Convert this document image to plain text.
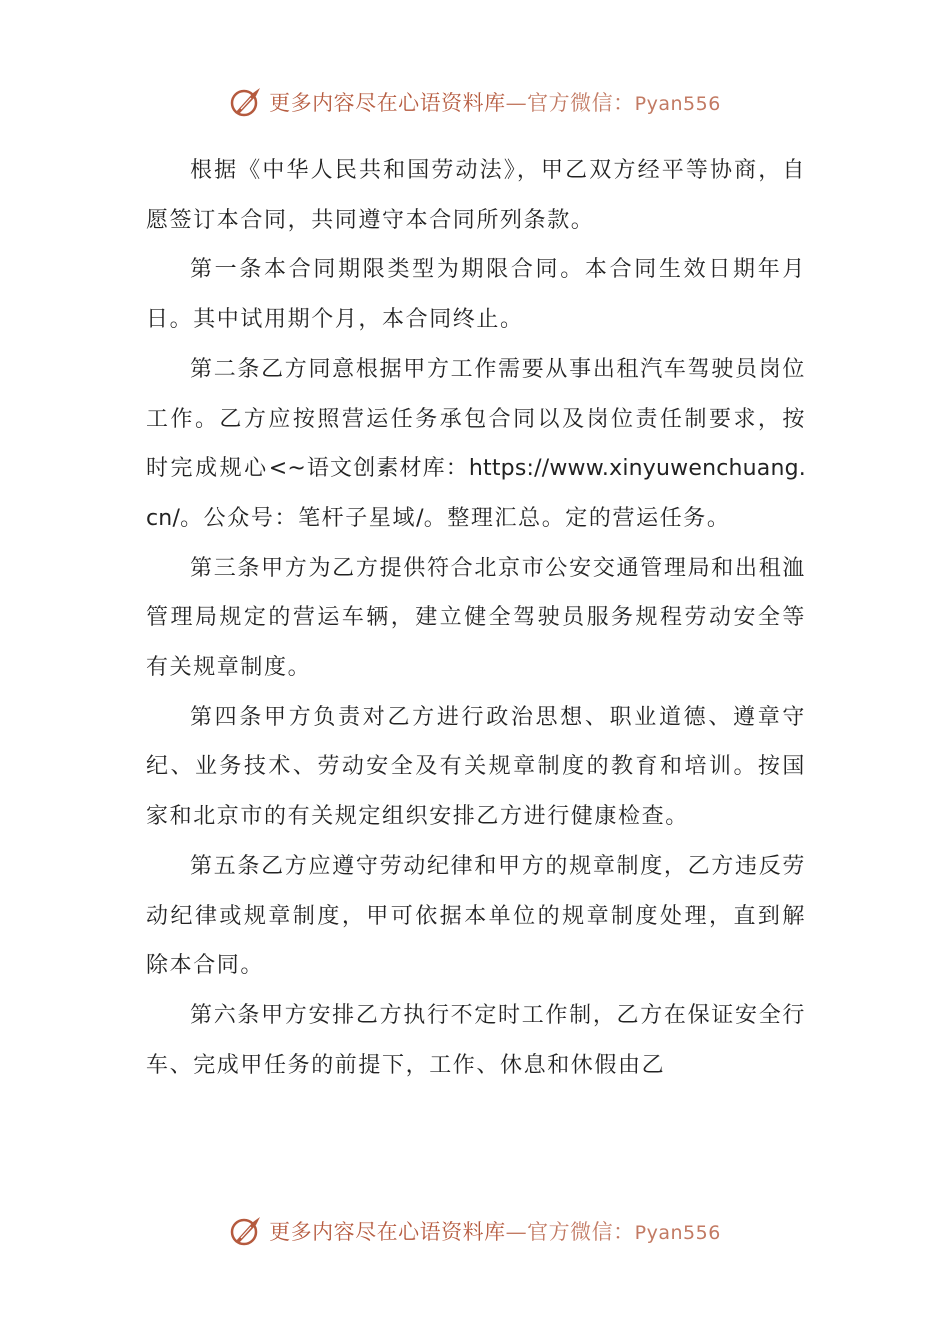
更多内容尽在心语资料库—官方微信：Pyan556

根据《中华人民共和国劳动法》，甲乙双方经平等协商，自愿签订本合同，共同遵守本合同所列条款。

第一条本合同期限类型为期限合同。本合同生效日期年月日。其中试用期个月，本合同终止。

第二条乙方同意根据甲方工作需要从事出租汽车驾驶员岗位工作。乙方应按照营运任务承包合同以及岗位责任制要求，按时完成规心<~语文创素材库：https://www.xinyuwenchuang.cn/。公众号：笔杆子星域/。整理汇总。定的营运任务。

第三条甲方为乙方提供符合北京市公安交通管理局和出租洫管理局规定的营运车辆，建立健全驾驶员服务规程劳动安全等有关规章制度。

第四条甲方负责对乙方进行政治思想、职业道德、遵章守纪、业务技术、劳动安全及有关规章制度的教育和培训。按国家和北京市的有关规定组织安排乙方进行健康检查。

第五条乙方应遵守劳动纪律和甲方的规章制度，乙方违反劳动纪律或规章制度，甲可依据本单位的规章制度处理，直到解除本合同。

第六条甲方安排乙方执行不定时工作制，乙方在保证安全行车、完成甲任务的前提下，工作、休息和休假由乙

更多内容尽在心语资料库—官方微信：Pyan556
